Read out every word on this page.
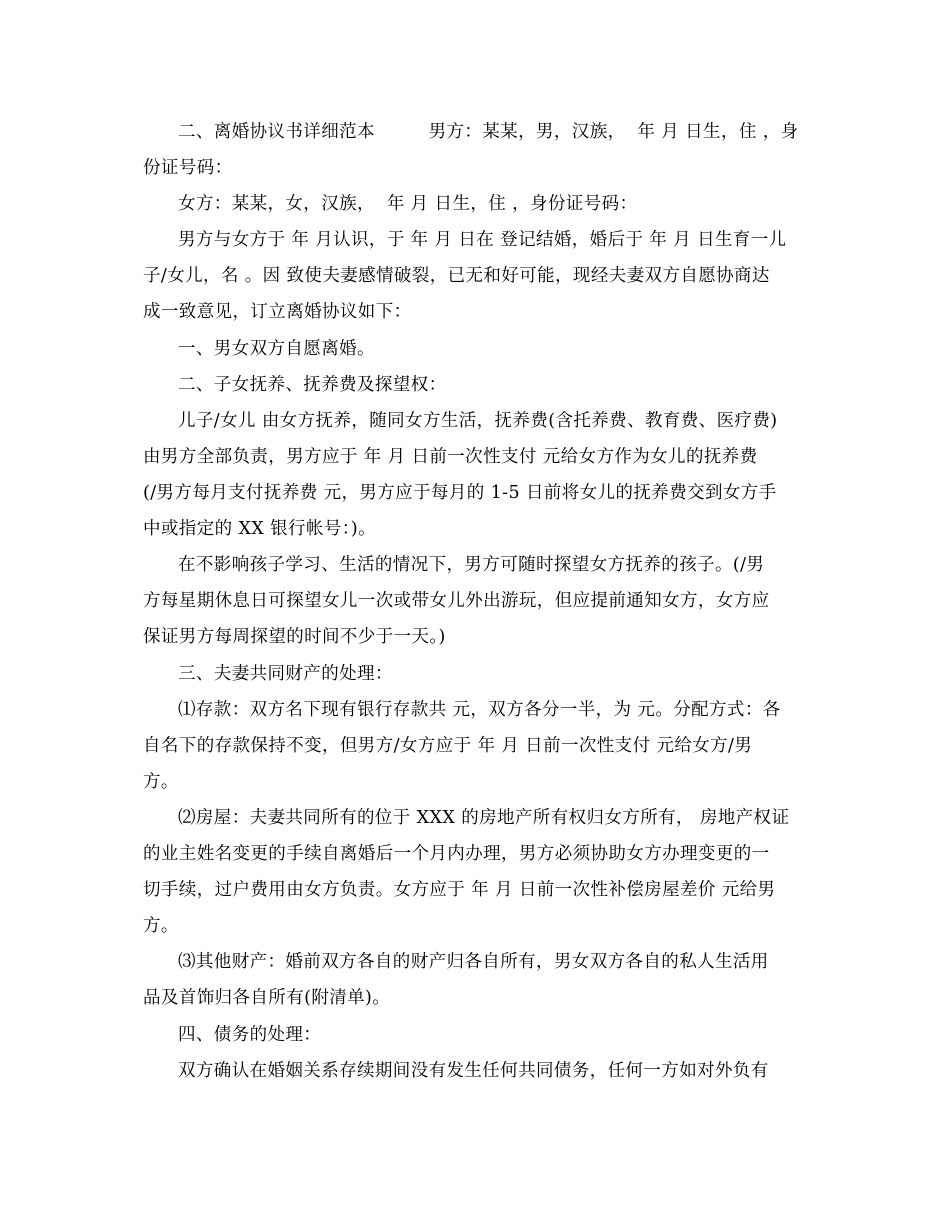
二、离婚协议书详细范本　　　男方：某某，男，汉族，  年 月 日生，住 ，身
份证号码：
女方：某某，女，汉族，  年 月 日生，住 ，身份证号码：
男方与女方于 年 月认识，于 年 月 日在 登记结婚，婚后于 年 月 日生育一儿
子/女儿，名 。因 致使夫妻感情破裂，已无和好可能，现经夫妻双方自愿协商达
成一致意见，订立离婚协议如下：
一、男女双方自愿离婚。
二、子女抚养、抚养费及探望权：
儿子/女儿 由女方抚养，随同女方生活，抚养费(含托养费、教育费、医疗费)
由男方全部负责，男方应于 年 月 日前一次性支付 元给女方作为女儿的抚养费
(/男方每月支付抚养费 元，男方应于每月的 1-5 日前将女儿的抚养费交到女方手
中或指定的 XX 银行帐号：)。
在不影响孩子学习、生活的情况下，男方可随时探望女方抚养的孩子。(/男
方每星期休息日可探望女儿一次或带女儿外出游玩，但应提前通知女方，女方应
保证男方每周探望的时间不少于一天。)
三、夫妻共同财产的处理：
⑴存款：双方名下现有银行存款共 元，双方各分一半，为 元。分配方式：各
自名下的存款保持不变，但男方/女方应于 年 月 日前一次性支付 元给女方/男
方。
⑵房屋：夫妻共同所有的位于 XXX 的房地产所有权归女方所有， 房地产权证
的业主姓名变更的手续自离婚后一个月内办理，男方必须协助女方办理变更的一
切手续，过户费用由女方负责。女方应于 年 月 日前一次性补偿房屋差价 元给男
方。
⑶其他财产：婚前双方各自的财产归各自所有，男女双方各自的私人生活用
品及首饰归各自所有(附清单)。
四、债务的处理：
双方确认在婚姻关系存续期间没有发生任何共同债务，任何一方如对外负有
